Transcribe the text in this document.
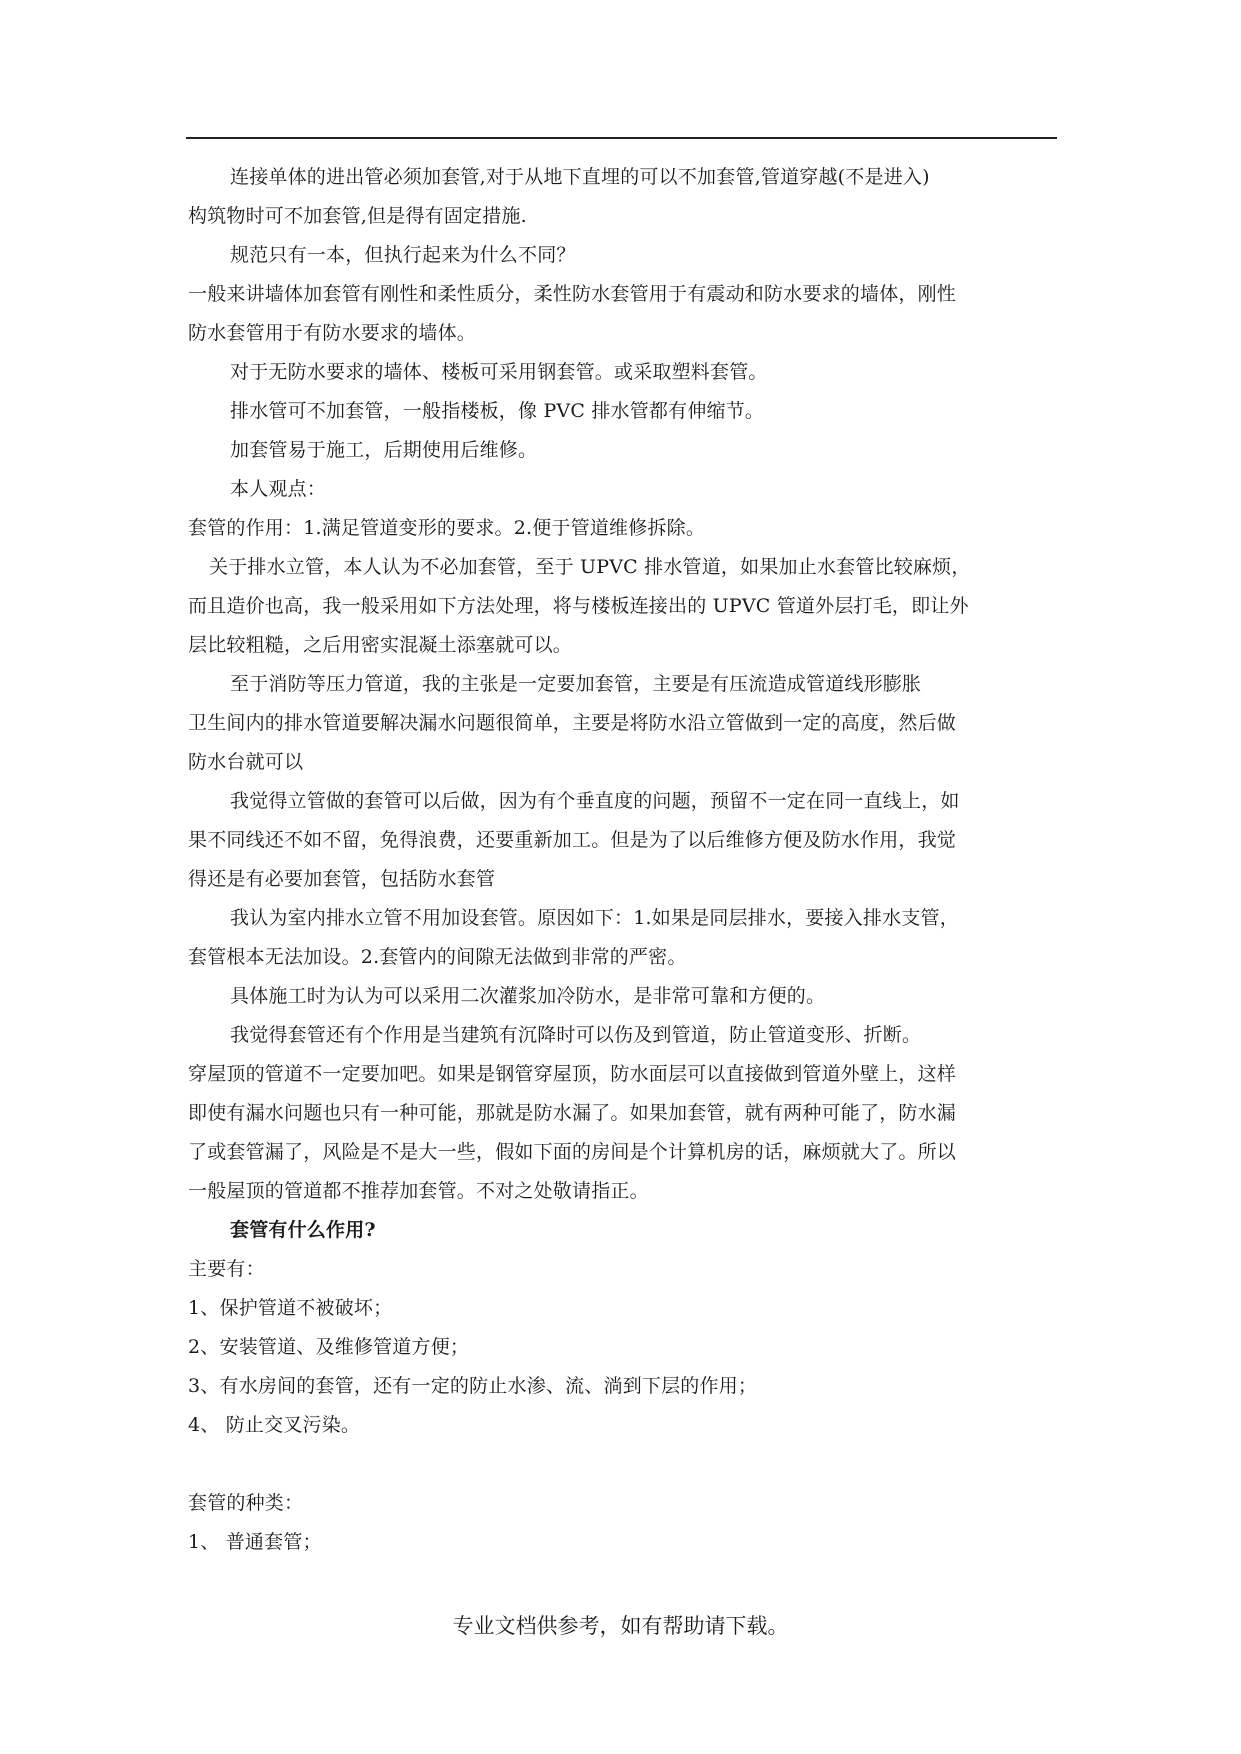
连接单体的进出管必须加套管,对于从地下直埋的可以不加套管,管道穿越(不是进入)
构筑物时可不加套管,但是得有固定措施.
规范只有一本，但执行起来为什么不同？
一般来讲墙体加套管有刚性和柔性质分，柔性防水套管用于有震动和防水要求的墙体，刚性
防水套管用于有防水要求的墙体。
对于无防水要求的墙体、楼板可采用钢套管。或采取塑料套管。
排水管可不加套管，一般指楼板，像 PVC 排水管都有伸缩节。
加套管易于施工，后期使用后维修。
本人观点：
套管的作用：1.满足管道变形的要求。2.便于管道维修拆除。
关于排水立管，本人认为不必加套管，至于 UPVC 排水管道，如果加止水套管比较麻烦，
而且造价也高，我一般采用如下方法处理，将与楼板连接出的 UPVC 管道外层打毛，即让外
层比较粗糙，之后用密实混凝土添塞就可以。
至于消防等压力管道，我的主张是一定要加套管，主要是有压流造成管道线形膨胀
卫生间内的排水管道要解决漏水问题很简单，主要是将防水沿立管做到一定的高度，然后做
防水台就可以
我觉得立管做的套管可以后做，因为有个垂直度的问题，预留不一定在同一直线上，如
果不同线还不如不留，免得浪费，还要重新加工。但是为了以后维修方便及防水作用，我觉
得还是有必要加套管，包括防水套管
我认为室内排水立管不用加设套管。原因如下：1.如果是同层排水，要接入排水支管，
套管根本无法加设。2.套管内的间隙无法做到非常的严密。
具体施工时为认为可以采用二次灌浆加冷防水，是非常可靠和方便的。
我觉得套管还有个作用是当建筑有沉降时可以伤及到管道，防止管道变形、折断。
穿屋顶的管道不一定要加吧。如果是钢管穿屋顶，防水面层可以直接做到管道外壁上，这样
即使有漏水问题也只有一种可能，那就是防水漏了。如果加套管，就有两种可能了，防水漏
了或套管漏了，风险是不是大一些，假如下面的房间是个计算机房的话，麻烦就大了。所以
一般屋顶的管道都不推荐加套管。不对之处敬请指正。
套管有什么作用?
主要有：
1、保护管道不被破坏；
2、安装管道、及维修管道方便；
3、有水房间的套管，还有一定的防止水渗、流、淌到下层的作用；
4、 防止交叉污染。
套管的种类：
1、 普通套管；
专业文档供参考，如有帮助请下载。
